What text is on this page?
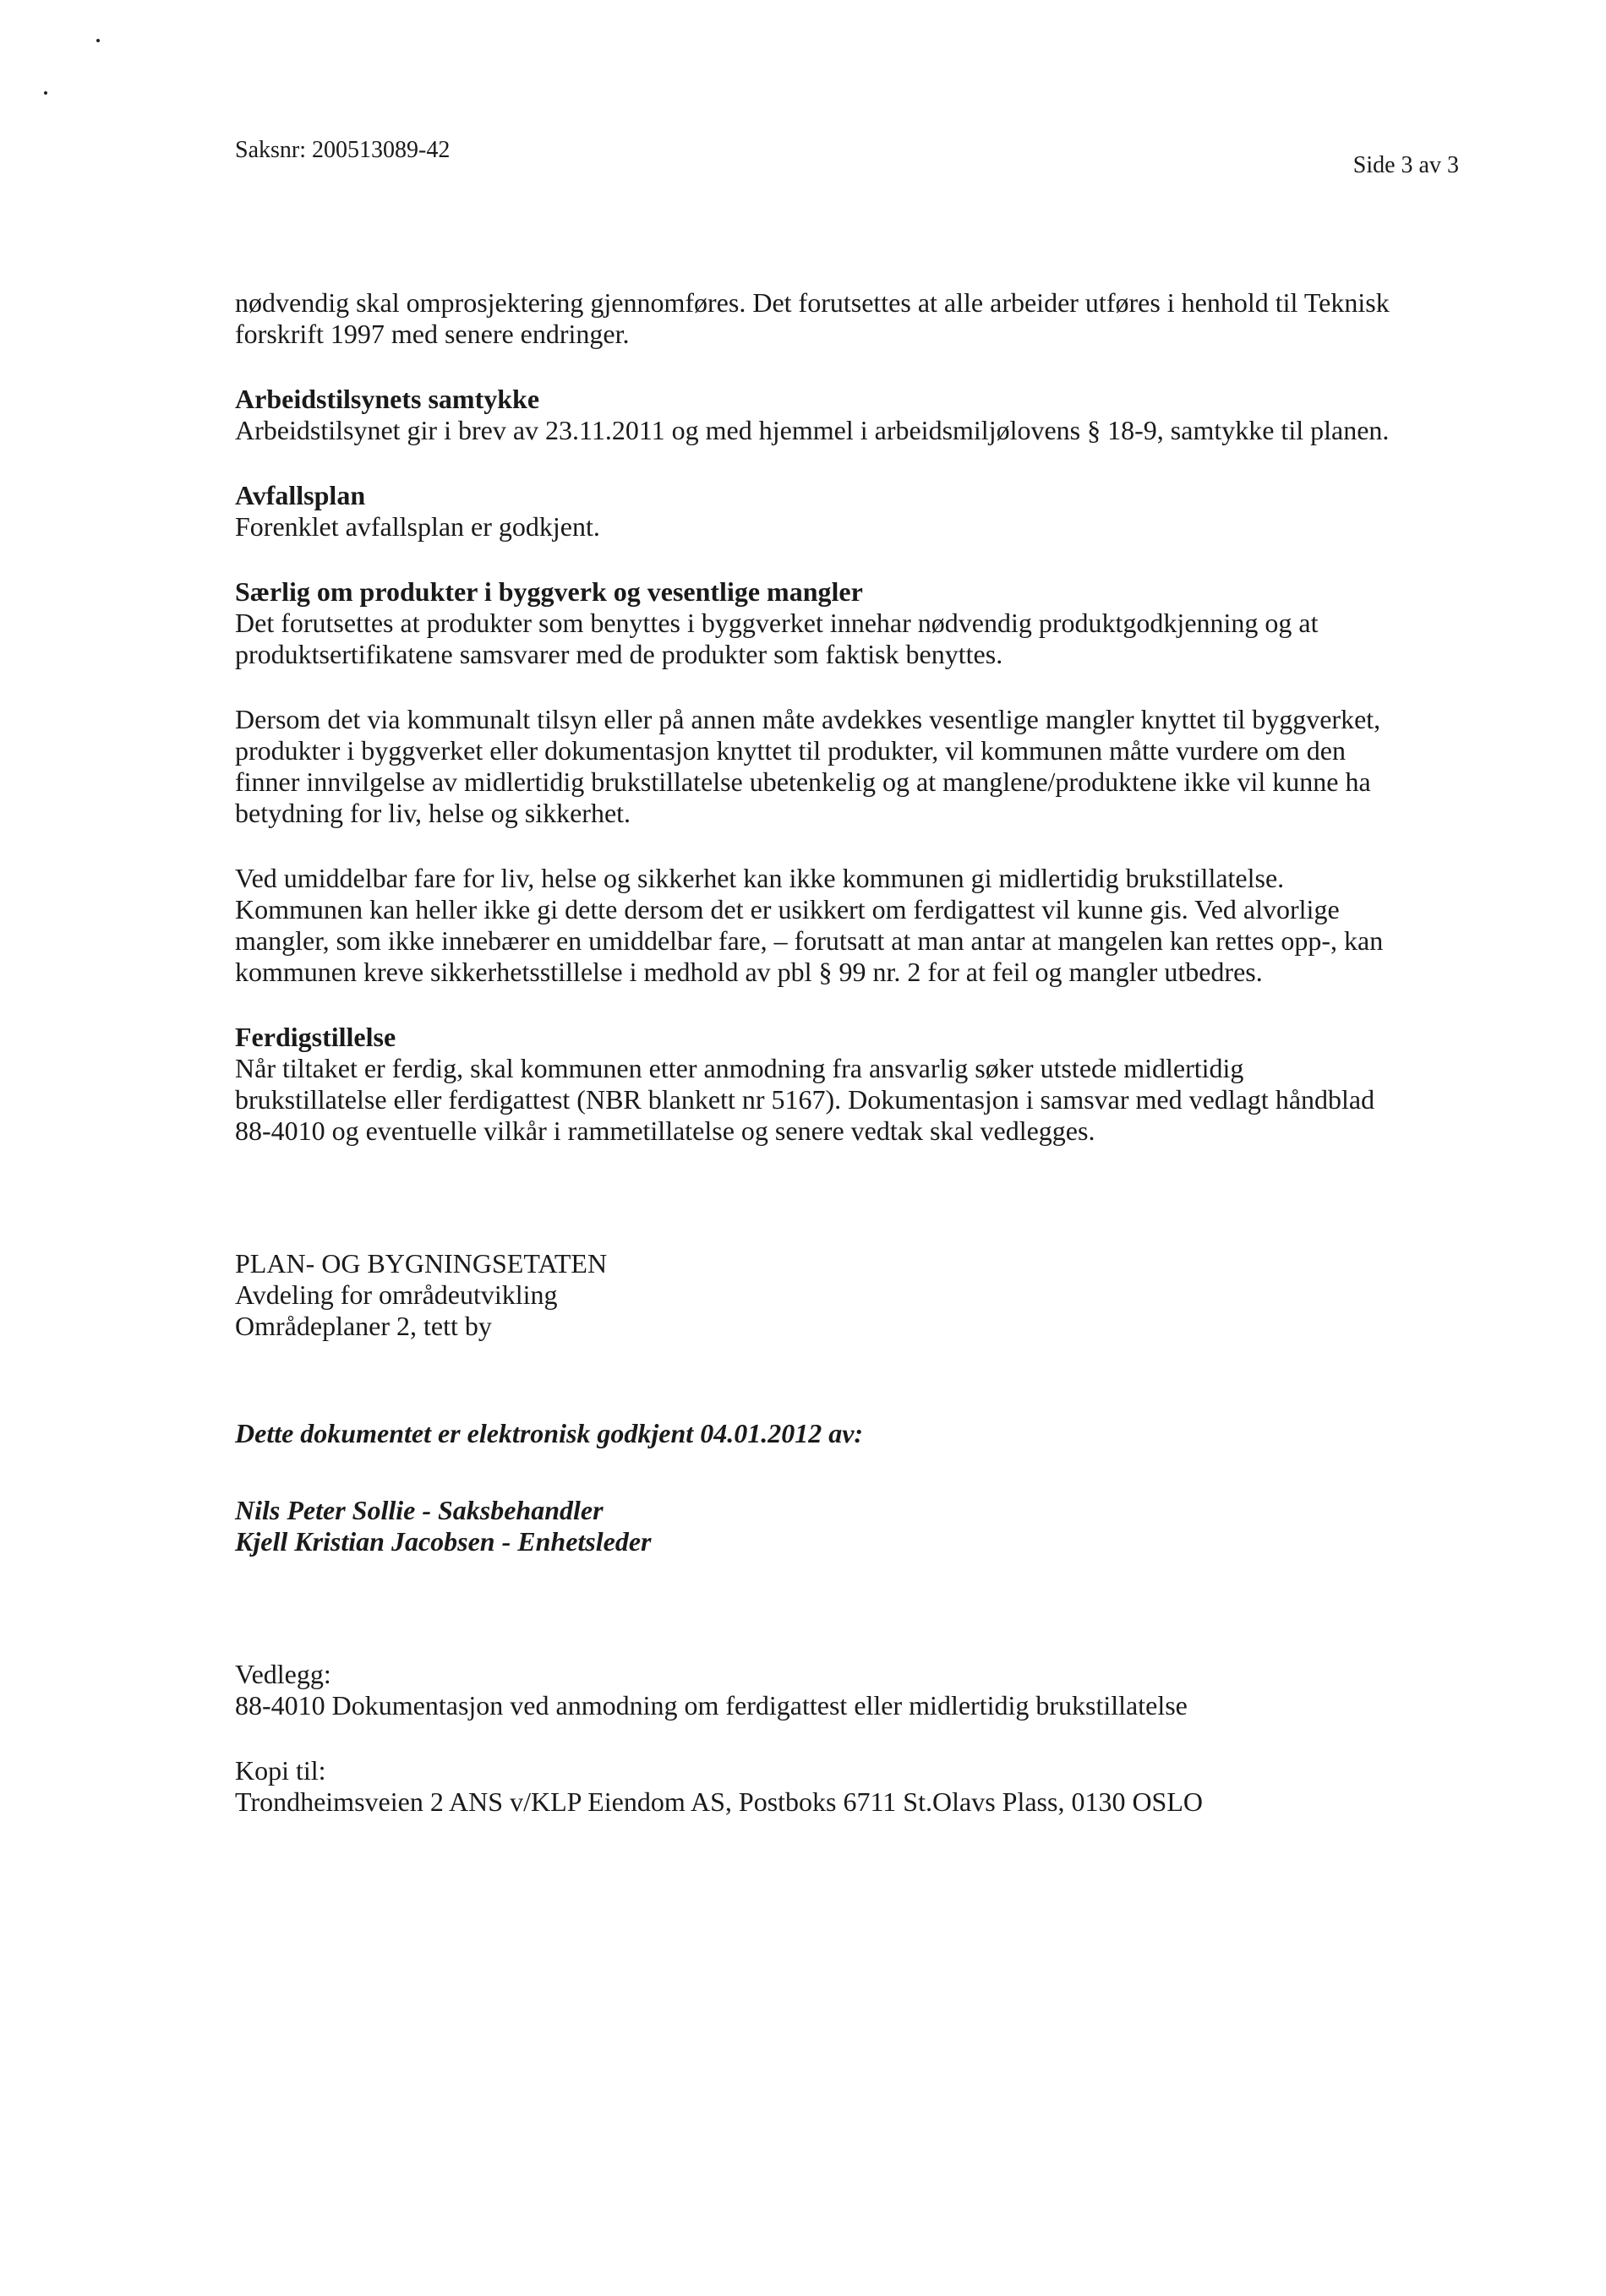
Saksnr: 200513089-42
Side 3 av 3

nødvendig skal omprosjektering gjennomføres. Det forutsettes at alle arbeider utføres i henhold til Teknisk
forskrift 1997 med senere endringer.

Arbeidstilsynets samtykke

Arbeidstilsynet gir i brev av 23.11.2011 og med hjemmel i arbeidsmiljølovens § 18-9, samtykke til planen.

Avfallsplan

Forenklet avfallsplan er godkjent.

Særlig om produkter i byggverk og vesentlige mangler

Det forutsettes at produkter som benyttes i byggverket innehar nødvendig produktgodkjenning og at
produktsertifikatene samsvarer med de produkter som faktisk benyttes.

Dersom det via kommunalt tilsyn eller på annen måte avdekkes vesentlige mangler knyttet til byggverket,
produkter i byggverket eller dokumentasjon knyttet til produkter, vil kommunen måtte vurdere om den
finner innvilgelse av midlertidig brukstillatelse ubetenkelig og at manglene/produktene ikke vil kunne ha
betydning for liv, helse og sikkerhet.

Ved umiddelbar fare for liv, helse og sikkerhet kan ikke kommunen gi midlertidig brukstillatelse.
Kommunen kan heller ikke gi dette dersom det er usikkert om ferdigattest vil kunne gis. Ved alvorlige
mangler, som ikke innebærer en umiddelbar fare, – forutsatt at man antar at mangelen kan rettes opp-, kan
kommunen kreve sikkerhetsstillelse i medhold av pbl § 99 nr. 2 for at feil og mangler utbedres.

Ferdigstillelse

Når tiltaket er ferdig, skal kommunen etter anmodning fra ansvarlig søker utstede midlertidig
brukstillatelse eller ferdigattest (NBR blankett nr 5167). Dokumentasjon i samsvar med vedlagt håndblad
88-4010 og eventuelle vilkår i rammetillatelse og senere vedtak skal vedlegges.

PLAN- OG BYGNINGSETATEN

Avdeling for områdeutvikling

Områdeplaner 2, tett by

Dette dokumentet er elektronisk godkjent 04.01.2012 av:

Nils Peter Sollie - Saksbehandler

Kjell Kristian Jacobsen - Enhetsleder

Vedlegg:

88-4010 Dokumentasjon ved anmodning om ferdigattest eller midlertidig brukstillatelse

Kopi til:

Trondheimsveien 2 ANS v/KLP Eiendom AS, Postboks 6711 St.Olavs Plass, 0130 OSLO
